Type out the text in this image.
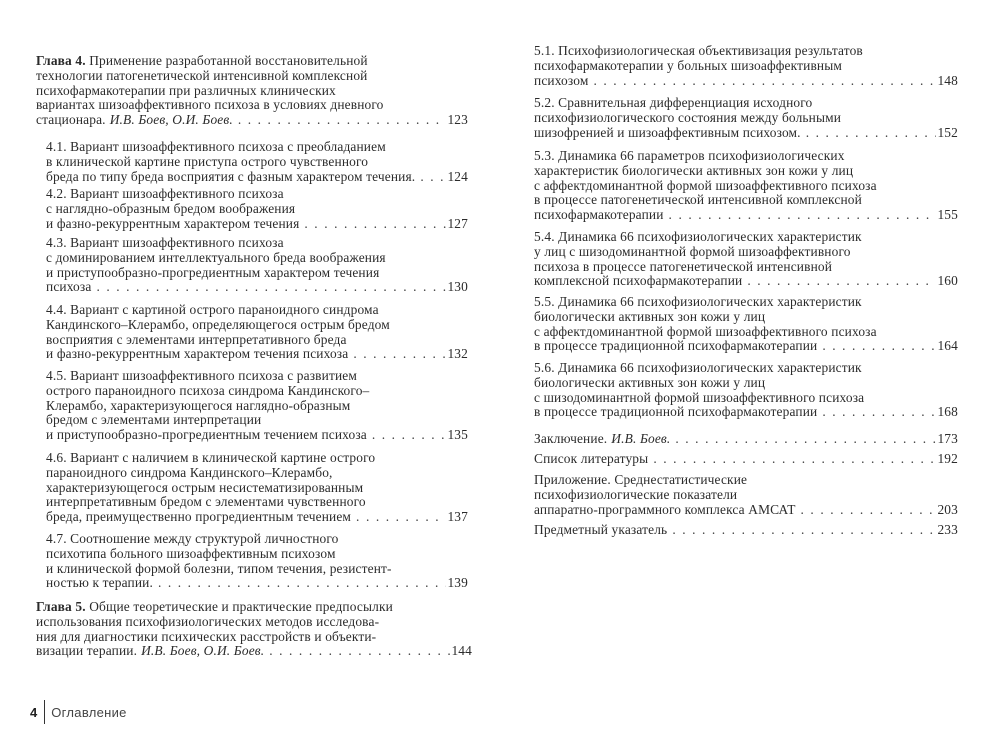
Глава 4. Применение разработанной восстановительной
технологии патогенетической интенсивной комплексной
психофармакотерапии при различных клинических
вариантах шизоаффективного психоза в условиях дневного
стационара. И.В. Боев, О.И. Боев. . . .	123
4.1. Вариант шизоаффективного психоза с преобладанием
в клинической картине приступа острого чувственного
бреда по типу бреда восприятия с фазным характером течения. . . . 124
4.2. Вариант шизоаффективного психоза
с наглядно-образным бредом воображения
и фазно-рекуррентным характером течения . . .	127
4.3. Вариант шизоаффективного психоза
с доминированием интеллектуального бреда воображения
и приступообразно-прогредиентным характером течения
психоза . . .	130
4.4. Вариант с картиной острого параноидного синдрома
Кандинского–Клерамбо, определяющегося острым бредом
восприятия с элементами интерпретативного бреда
и фазно-рекуррентным характером течения психоза . . .	132
4.5. Вариант шизоаффективного психоза с развитием
острого параноидного психоза синдрома Кандинского–
Клерамбо, характеризующегося наглядно-образным
бредом с элементами интерпретации
и приступообразно-прогредиентным течением психоза . . .	135
4.6. Вариант с наличием в клинической картине острого
параноидного синдрома Кандинского–Клерамбо,
характеризующегося острым несистематизированным
интерпретативным бредом с элементами чувственного
бреда, преимущественно прогредиентным течением . . .	137
4.7. Соотношение между структурой личностного
психотипа больного шизоаффективным психозом
и клинической формой болезни, типом течения, резистент-
ностью к терапии. . . .	139
Глава 5. Общие теоретические и практические предпосылки
использования психофизиологических методов исследова-
ния для диагностики психических расстройств и объекти-
визации терапии. И.В. Боев, О.И. Боев. . . .	144
5.1. Психофизиологическая объективизация результатов
психофармакотерапии у больных шизоаффективным
психозом . . .	148
5.2. Сравнительная дифференциация исходного
психофизиологического состояния между больными
шизофренией и шизоаффективным психозом. . . .	152
5.3. Динамика 66 параметров психофизиологических
характеристик биологически активных зон кожи у лиц
с аффектдоминантной формой шизоаффективного психоза
в процессе патогенетической интенсивной комплексной
психофармакотерапии . . .	155
5.4. Динамика 66 психофизиологических характеристик
у лиц с шизодоминантной формой шизоаффективного
психоза в процессе патогенетической интенсивной
комплексной психофармакотерапии . . .	160
5.5. Динамика 66 психофизиологических характеристик
биологически активных зон кожи у лиц
с аффектдоминантной формой шизоаффективного психоза
в процессе традиционной психофармакотерапии . . .	164
5.6. Динамика 66 психофизиологических характеристик
биологически активных зон кожи у лиц
с шизодоминантной формой шизоаффективного психоза
в процессе традиционной психофармакотерапии . . .	168
Заключение. И.В. Боев. . . .	173
Список литературы . . .	192
Приложение. Среднестатистические
психофизиологические показатели
аппаратно-программного комплекса АМСАТ . . .	203
Предметный указатель . . .	233
4	Оглавление
